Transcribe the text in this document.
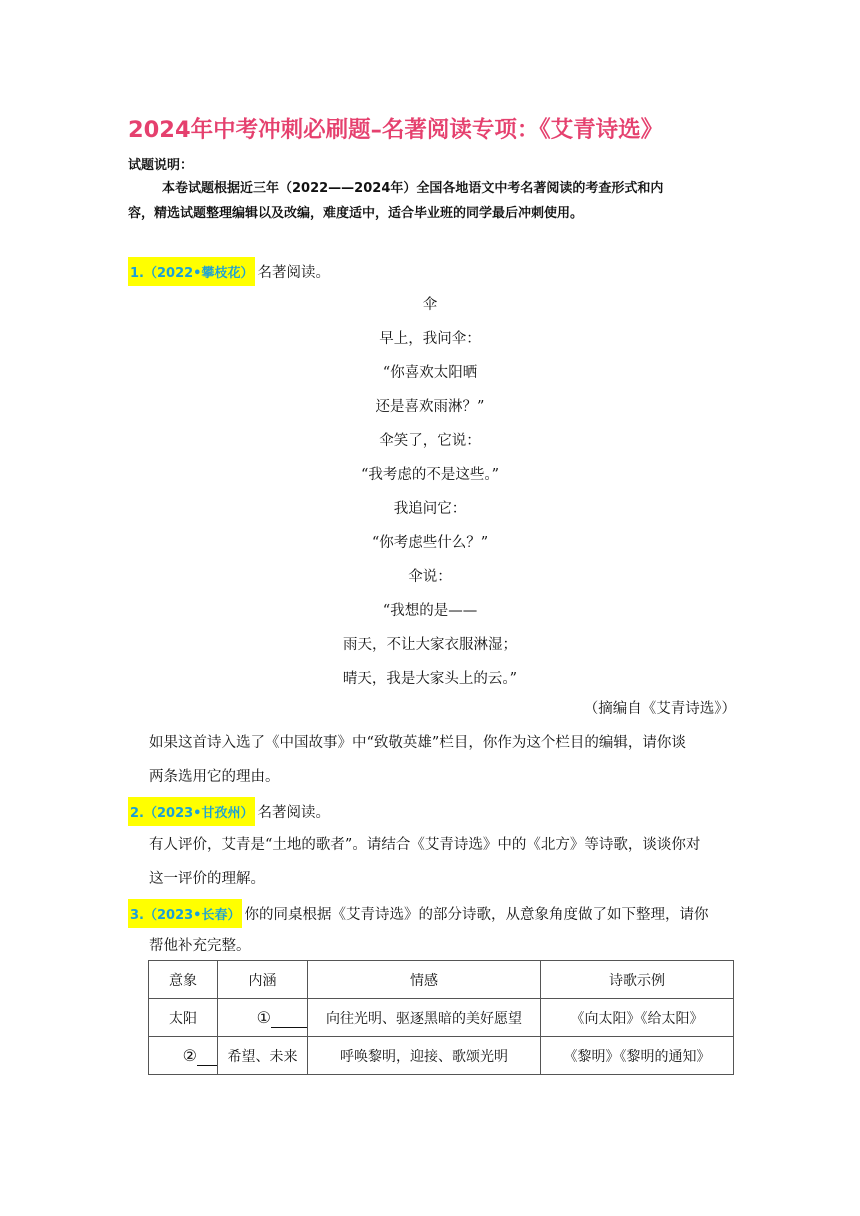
2024年中考冲刺必刷题–名著阅读专项：《艾青诗选》
试题说明：
本卷试题根据近三年（2022——2024年）全国各地语文中考名著阅读的考查形式和内
容，精选试题整理编辑以及改编，难度适中，适合毕业班的同学最后冲刺使用。
1.（2022•攀枝花） 名著阅读。
伞
早上，我问伞：
“你喜欢太阳晒
还是喜欢雨淋？”
伞笑了，它说：
“我考虑的不是这些。”
我追问它：
“你考虑些什么？”
伞说：
“我想的是——
雨天，不让大家衣服淋湿；
晴天，我是大家头上的云。”
（摘编自《艾青诗选》）
如果这首诗入选了《中国故事》中“致敬英雄”栏目，你作为这个栏目的编辑，请你谈
两条选用它的理由。
2.（2023•甘孜州） 名著阅读。
有人评价，艾青是“土地的歌者”。请结合《艾青诗选》中的《北方》等诗歌，谈谈你对
这一评价的理解。
3.（2023•长春） 你的同桌根据《艾青诗选》的部分诗歌，从意象角度做了如下整理，请你
帮他补充完整。
意象	内涵	情感	诗歌示例
太阳	①	向往光明、驱逐黑暗的美好愿望	《向太阳》《给太阳》
②	希望、未来	呼唤黎明，迎接、歌颂光明	《黎明》《黎明的通知》
